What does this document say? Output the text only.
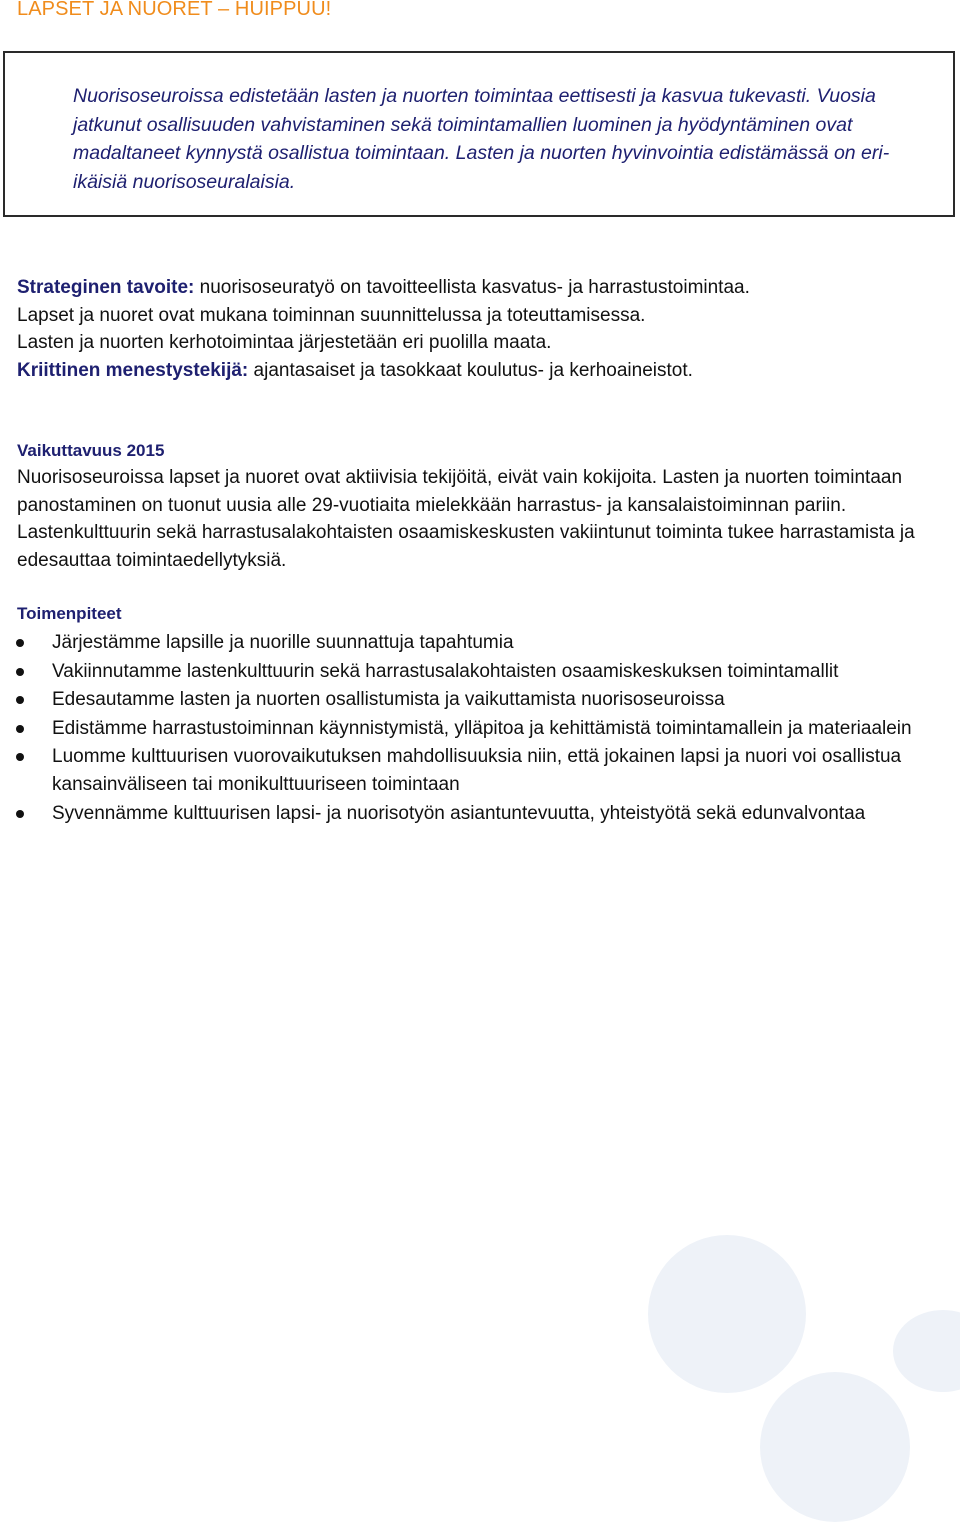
LAPSET JA NUORET – HUIPPUU!

Nuorisoseuroissa edistetään lasten ja nuorten toimintaa eettisesti ja kasvua tukevasti. Vuosia jatkunut osallisuuden vahvistaminen sekä toimintamallien luominen ja hyödyntäminen ovat madaltaneet kynnystä osallistua toimintaan. Lasten ja nuorten hyvinvointia edistämässä on eri-ikäisiä nuorisoseuralaisia.

Strateginen tavoite: nuorisoseuratyö on tavoitteellista kasvatus- ja harrastustoimintaa.
Lapset ja nuoret ovat mukana toiminnan suunnittelussa ja toteuttamisessa.
Lasten ja nuorten kerhotoimintaa järjestetään eri puolilla maata.
Kriittinen menestystekijä: ajantasaiset ja tasokkaat koulutus- ja kerhoaineistot.
Vaikuttavuus 2015

Nuorisoseuroissa lapset ja nuoret ovat aktiivisia tekijöitä, eivät vain kokijoita. Lasten ja nuorten toimintaan panostaminen on tuonut uusia alle 29-vuotiaita mielekkään harrastus- ja kansalaistoiminnan pariin. Lastenkulttuurin sekä harrastusalakohtaisten osaamiskeskusten vakiintunut toiminta tukee harrastamista ja edesauttaa toimintaedellytyksiä.

Toimenpiteet
Järjestämme lapsille ja nuorille suunnattuja tapahtumia
Vakiinnutamme lastenkulttuurin sekä harrastusalakohtaisten osaamiskeskuksen toimintamallit
Edesautamme lasten ja nuorten osallistumista ja vaikuttamista nuorisoseuroissa
Edistämme harrastustoiminnan käynnistymistä, ylläpitoa ja kehittämistä toimintamallein ja materiaalein
Luomme kulttuurisen vuorovaikutuksen mahdollisuuksia niin, että jokainen lapsi ja nuori voi osallistua kansainväliseen tai monikulttuuriseen toimintaan
Syvennämme kulttuurisen lapsi- ja nuorisotyön asiantuntevuutta, yhteistyötä sekä edunvalvontaa
